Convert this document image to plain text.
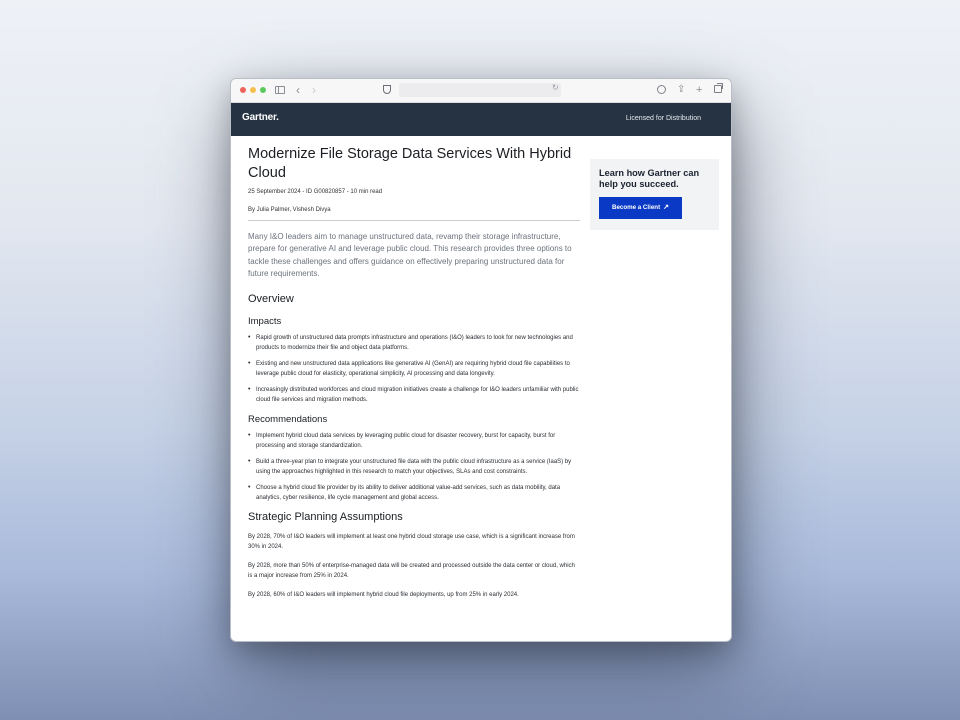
‹ ›	↻	⇪ +
Gartner.	Licensed for Distribution
Modernize File Storage Data Services With Hybrid Cloud
25 September 2024 - ID G00820857 - 10 min read
By Julia Palmer, Vishesh Divya
Many I&O leaders aim to manage unstructured data, revamp their storage infrastructure, prepare for generative AI and leverage public cloud. This research provides three options to tackle these challenges and offers guidance on effectively preparing unstructured data for future requirements.
Overview
Impacts
• Rapid growth of unstructured data prompts infrastructure and operations (I&O) leaders to look for new technologies and products to modernize their file and object data platforms.
• Existing and new unstructured data applications like generative AI (GenAI) are requiring hybrid cloud file capabilities to leverage public cloud for elasticity, operational simplicity, AI processing and data longevity.
• Increasingly distributed workforces and cloud migration initiatives create a challenge for I&O leaders unfamiliar with public cloud file services and migration methods.
Recommendations
• Implement hybrid cloud data services by leveraging public cloud for disaster recovery, burst for capacity, burst for processing and storage standardization.
• Build a three-year plan to integrate your unstructured file data with the public cloud infrastructure as a service (IaaS) by using the approaches highlighted in this research to match your objectives, SLAs and cost constraints.
• Choose a hybrid cloud file provider by its ability to deliver additional value-add services, such as data mobility, data analytics, cyber resilience, life cycle management and global access.
Strategic Planning Assumptions
By 2028, 70% of I&O leaders will implement at least one hybrid cloud storage use case, which is a significant increase from 30% in 2024.
By 2028, more than 50% of enterprise-managed data will be created and processed outside the data center or cloud, which is a major increase from 25% in 2024.
By 2028, 60% of I&O leaders will implement hybrid cloud file deployments, up from 25% in early 2024.
Learn how Gartner can help you succeed.
Become a Client ↗
